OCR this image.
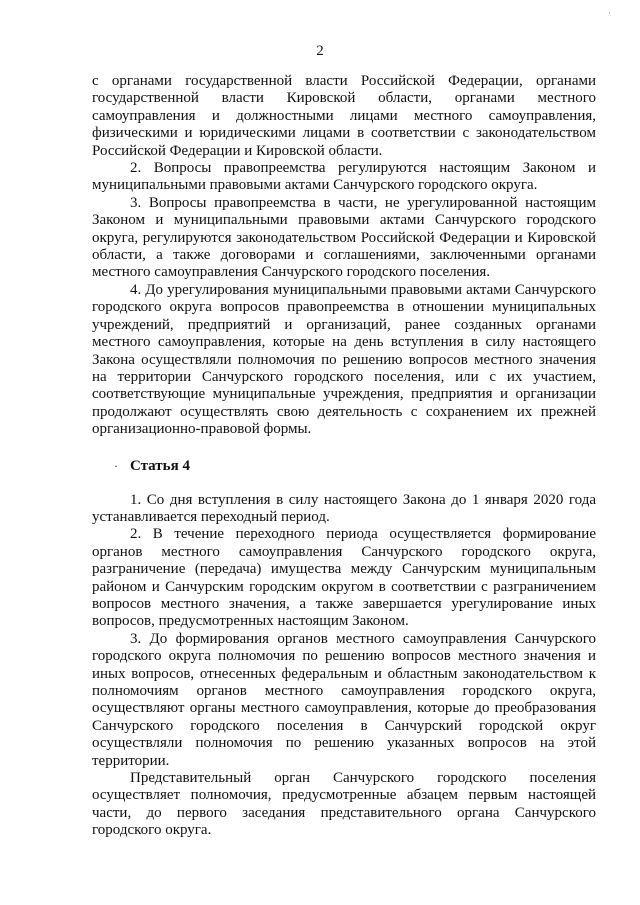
·
2

с органами государственной власти Российской Федерации, органами государственной власти Кировской области, органами местного самоуправления и должностными лицами местного самоуправления, физическими и юридическими лицами в соответствии с законодательством Российской Федерации и Кировской области.

2. Вопросы правопреемства регулируются настоящим Законом и муниципальными правовыми актами Санчурского городского округа.

3. Вопросы правопреемства в части, не урегулированной настоящим Законом и муниципальными правовыми актами Санчурского городского округа, регулируются законодательством Российской Федерации и Кировской области, а также договорами и соглашениями, заключенными органами местного самоуправления Санчурского городского поселения.

4. До урегулирования муниципальными правовыми актами Санчурского городского округа вопросов правопреемства в отношении муниципальных учреждений, предприятий и организаций, ранее созданных органами местного самоуправления, которые на день вступления в силу настоящего Закона осуществляли полномочия по решению вопросов местного значения на территории Санчурского городского поселения, или с их участием, соответствующие муниципальные учреждения, предприятия и организации продолжают осуществлять свою деятельность с сохранением их прежней организационно-правовой формы.

· Статья 4

1. Со дня вступления в силу настоящего Закона до 1 января 2020 года устанавливается переходный период.

2. В течение переходного периода осуществляется формирование органов местного самоуправления Санчурского городского округа, разграничение (передача) имущества между Санчурским муниципальным районом и Санчурским городским округом в соответствии с разграничением вопросов местного значения, а также завершается урегулирование иных вопросов, предусмотренных настоящим Законом.

3. До формирования органов местного самоуправления Санчурского городского округа полномочия по решению вопросов местного значения и иных вопросов, отнесенных федеральным и областным законодательством к полномочиям органов местного самоуправления городского округа, осуществляют органы местного самоуправления, которые до преобразования Санчурского городского поселения в Санчурский городской округ осуществляли полномочия по решению указанных вопросов на этой территории.

Представительный орган Санчурского городского поселения осуществляет полномочия, предусмотренные абзацем первым настоящей части, до первого заседания представительного органа Санчурского городского округа.
